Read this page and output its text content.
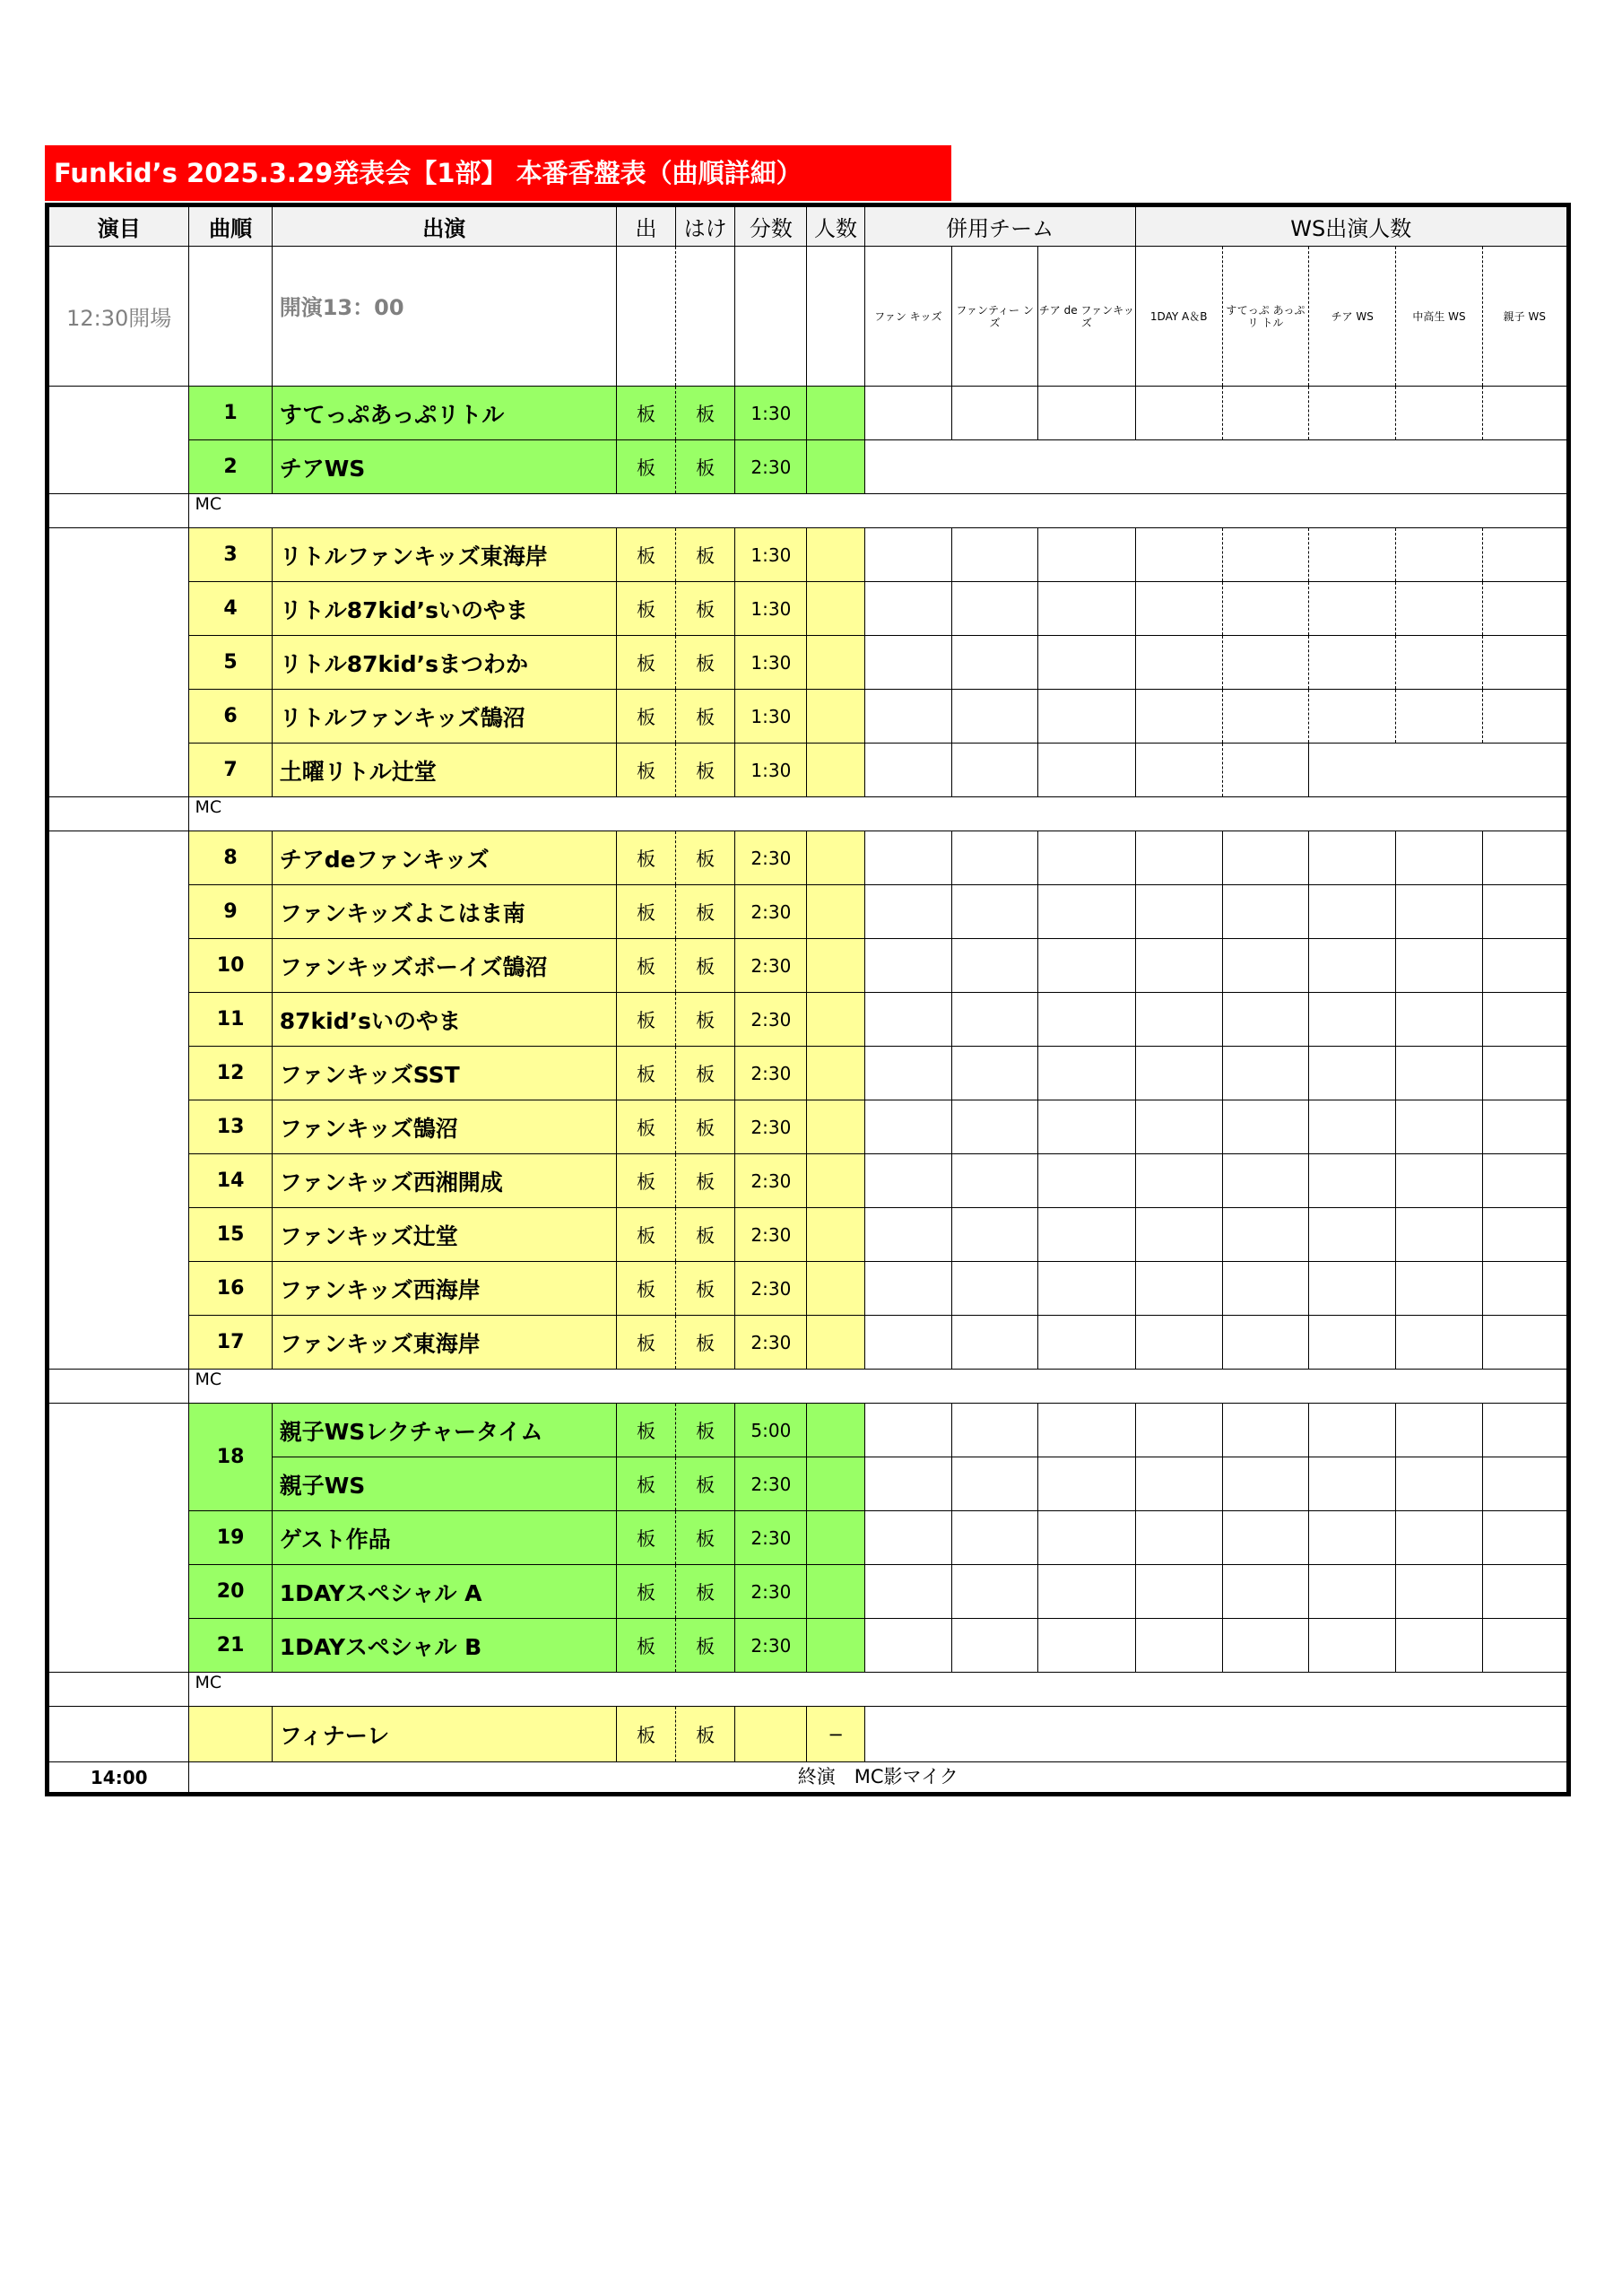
Funkid’s 2025.3.29発表会【1部】 本番香盤表（曲順詳細）
演目	曲順	出演	出	はけ	分数	人数	併用チーム			WS出演人数				
12:30開場		開演13：00					ファン キッズ	ファンティー ンズ	チア de ファンキッズ	1DAY A＆B	すてっぷ あっぷ　リ トル	チア WS	中高生 WS	親子 WS
	1	すてっぷあっぷリトル	板	板	1:30									
	2	チアWS	板	板	2:30									
	MC													
	3	リトルファンキッズ東海岸	板	板	1:30									
	4	リトル87kid’sいのやま	板	板	1:30									
	5	リトル87kid’sまつわか	板	板	1:30									
	6	リトルファンキッズ鵠沼	板	板	1:30									
	7	土曜リトル辻堂	板	板	1:30									
	MC													
	8	チアdeファンキッズ	板	板	2:30									
	9	ファンキッズよこはま南	板	板	2:30									
	10	ファンキッズボーイズ鵠沼	板	板	2:30									
	11	87kid’sいのやま	板	板	2:30									
	12	ファンキッズSST	板	板	2:30									
	13	ファンキッズ鵠沼	板	板	2:30									
	14	ファンキッズ西湘開成	板	板	2:30									
	15	ファンキッズ辻堂	板	板	2:30									
	16	ファンキッズ西海岸	板	板	2:30									
	17	ファンキッズ東海岸	板	板	2:30									
	MC													
	18	親子WSレクチャータイム	板	板	5:00									
		親子WS	板	板	2:30									
	19	ゲスト作品	板	板	2:30									
	20	1DAYスペシャル A	板	板	2:30									
	21	1DAYスペシャル B	板	板	2:30									
	MC													
		フィナーレ	板	板		−								
14:00	終演　MC影マイク													
